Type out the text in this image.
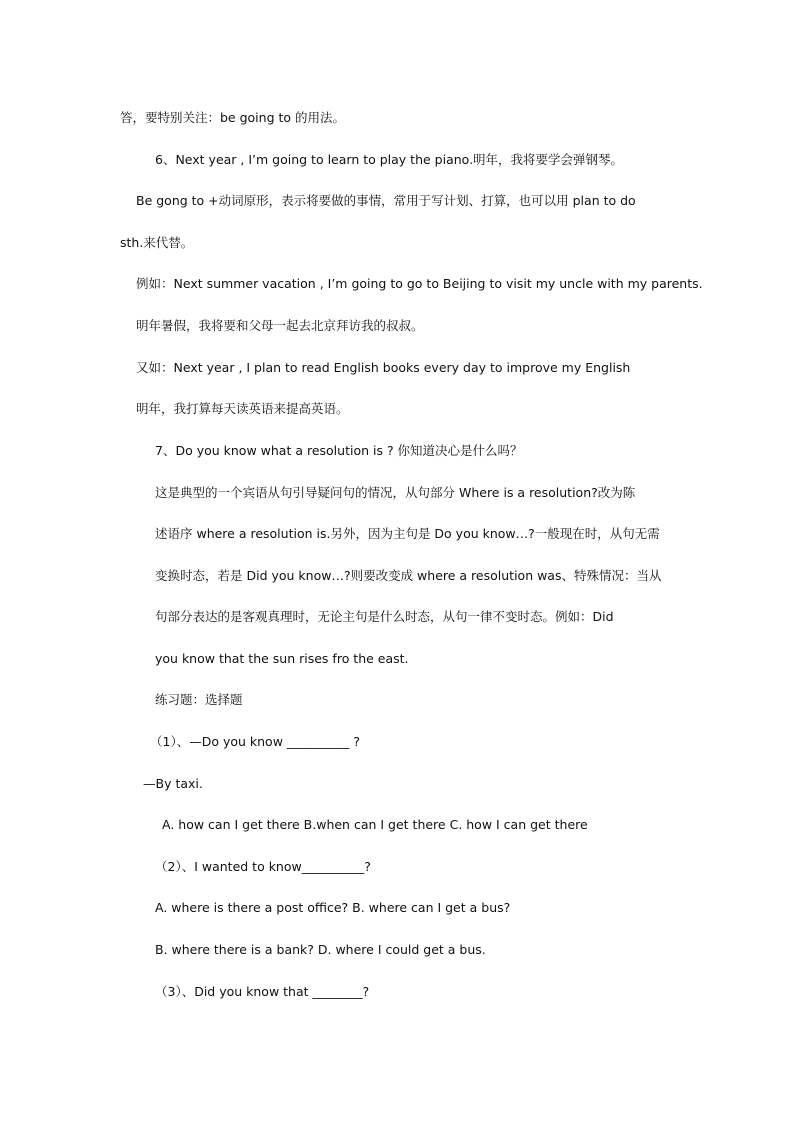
答，要特别关注：be going to 的用法。
6、Next year , I’m going to learn to play the piano.明年，我将要学会弹钢琴。
Be gong to +动词原形，表示将要做的事情，常用于写计划、打算，也可以用 plan to do
sth.来代替。
例如：Next summer vacation , I’m going to go to Beijing to visit my uncle with my parents.
明年暑假，我将要和父母一起去北京拜访我的叔叔。
又如：Next year , I plan to read English books every day to improve my English
明年，我打算每天读英语来提高英语。
7、Do you know what a resolution is ? 你知道决心是什么吗？
这是典型的一个宾语从句引导疑问句的情况，从句部分 Where is a resolution?改为陈
述语序 where a resolution is.另外，因为主句是 Do you know…?一般现在时，从句无需
变换时态，若是 Did you know…?则要改变成 where a resolution was、特殊情况：当从
句部分表达的是客观真理时，无论主句是什么时态，从句一律不变时态。例如：Did
you know that the sun rises fro the east.
练习题：选择题
（1）、—Do you know __________ ?
—By taxi.
A. how can I get there B.when can I get there C. how I can get there
（2）、I wanted to know__________?
A. where is there a post office? B. where can I get a bus?
B. where there is a bank? D. where I could get a bus.
（3）、Did you know that ________?
